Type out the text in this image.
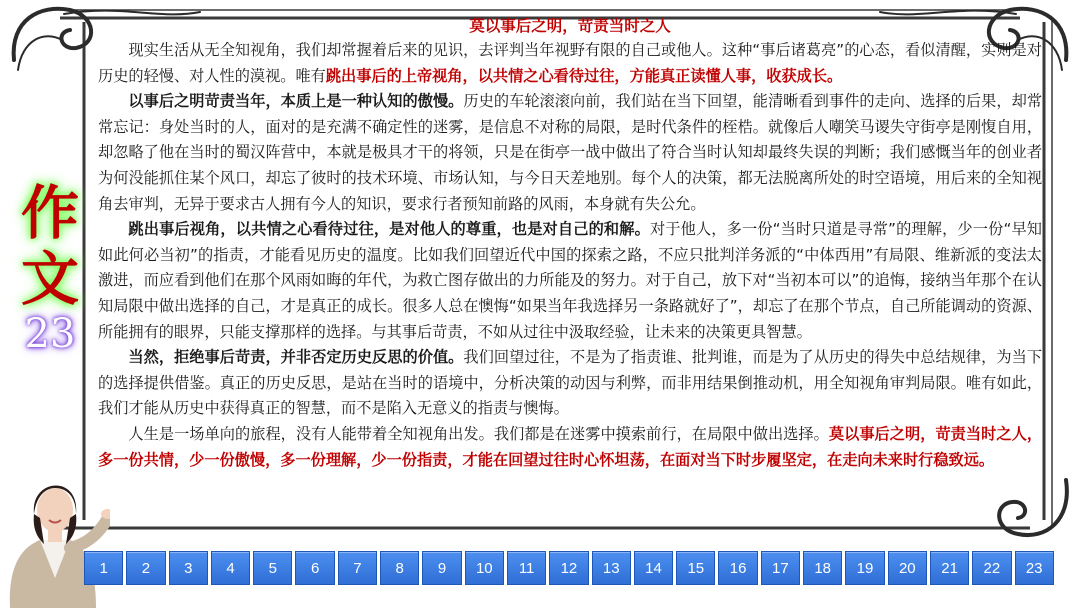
作
文
23
莫以事后之明，苛责当时之人

现实生活从无全知视角，我们却常握着后来的见识，去评判当年视野有限的自己或他人。这种“事后诸葛亮”的心态，看似清醒，实则是对历史的轻慢、对人性的漠视。唯有跳出事后的上帝视角，以共情之心看待过往，方能真正读懂人事，收获成长。

以事后之明苛责当年，本质上是一种认知的傲慢。历史的车轮滚滚向前，我们站在当下回望，能清晰看到事件的走向、选择的后果，却常常忘记：身处当时的人，面对的是充满不确定性的迷雾，是信息不对称的局限，是时代条件的桎梏。就像后人嘲笑马谡失守街亭是刚愎自用，却忽略了他在当时的蜀汉阵营中，本就是极具才干的将领，只是在街亭一战中做出了符合当时认知却最终失误的判断；我们感慨当年的创业者为何没能抓住某个风口，却忘了彼时的技术环境、市场认知，与今日天差地别。每个人的决策，都无法脱离所处的时空语境，用后来的全知视角去审判，无异于要求古人拥有今人的知识，要求行者预知前路的风雨，本身就有失公允。

跳出事后视角，以共情之心看待过往，是对他人的尊重，也是对自己的和解。对于他人，多一份“当时只道是寻常”的理解，少一份“早知如此何必当初”的指责，才能看见历史的温度。比如我们回望近代中国的探索之路，不应只批判洋务派的“中体西用”有局限、维新派的变法太激进，而应看到他们在那个风雨如晦的年代，为救亡图存做出的力所能及的努力。对于自己，放下对“当初本可以”的追悔，接纳当年那个在认知局限中做出选择的自己，才是真正的成长。很多人总在懊悔“如果当年我选择另一条路就好了”，却忘了在那个节点，自己所能调动的资源、所能拥有的眼界，只能支撑那样的选择。与其事后苛责，不如从过往中汲取经验，让未来的决策更具智慧。

当然，拒绝事后苛责，并非否定历史反思的价值。我们回望过往，不是为了指责谁、批判谁，而是为了从历史的得失中总结规律，为当下的选择提供借鉴。真正的历史反思，是站在当时的语境中，分析决策的动因与利弊，而非用结果倒推动机，用全知视角审判局限。唯有如此，我们才能从历史中获得真正的智慧，而不是陷入无意义的指责与懊悔。

人生是一场单向的旅程，没有人能带着全知视角出发。我们都是在迷雾中摸索前行，在局限中做出选择。莫以事后之明，苛责当时之人，多一份共情，少一份傲慢，多一份理解，少一份指责，才能在回望过往时心怀坦荡，在面对当下时步履坚定，在走向未来时行稳致远。

1	2	3	4	5	6	7	8	9	10	11	12	13	14	15	16	17	18	19	20	21	22	23
